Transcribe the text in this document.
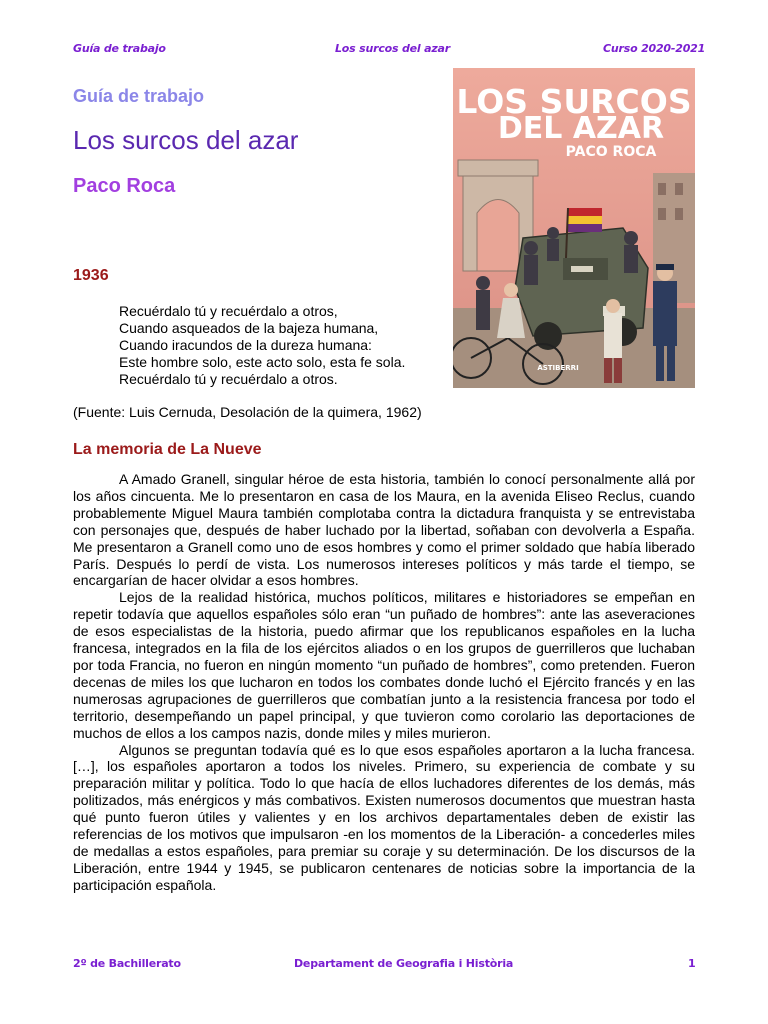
Guía de trabajo	Los surcos del azar	Curso 2020-2021
Guía de trabajo
Los surcos del azar
Paco Roca
LOS SURCOS
DEL AZAR
PACO ROCA
ASTIBERRI
1936
Recuérdalo tú y recuérdalo a otros,
Cuando asqueados de la bajeza humana,
Cuando iracundos de la dureza humana:
Este hombre solo, este acto solo, esta fe sola.
Recuérdalo tú y recuérdalo a otros.
(Fuente: Luis Cernuda, Desolación de la quimera, 1962)
La memoria de La Nueve

A Amado Granell, singular héroe de esta historia, también lo conocí personalmente allá por los años cincuenta. Me lo presentaron en casa de los Maura, en la avenida Eliseo Reclus, cuando probablemente Miguel Maura también complotaba contra la dictadura franquista y se entrevistaba con personajes que, después de haber luchado por la libertad, soñaban con devolverla a España. Me presentaron a Granell como uno de esos hombres y como el primer soldado que había liberado París. Después lo perdí de vista. Los numerosos intereses políticos y más tarde el tiempo, se encargarían de hacer olvidar a esos hombres.

Lejos de la realidad histórica, muchos políticos, militares e historiadores se empeñan en repetir todavía que aquellos españoles sólo eran “un puñado de hombres”: ante las aseveraciones de esos especialistas de la historia, puedo afirmar que los republicanos españoles en la lucha francesa, integrados en la fila de los ejércitos aliados o en los grupos de guerrilleros que luchaban por toda Francia, no fueron en ningún momento “un puñado de hombres”, como pretenden. Fueron decenas de miles los que lucharon en todos los combates donde luchó el Ejército francés y en las numerosas agrupaciones de guerrilleros que combatían junto a la resistencia francesa por todo el territorio, desempeñando un papel principal, y que tuvieron como corolario las deportaciones de muchos de ellos a los campos nazis, donde miles y miles murieron.

Algunos se preguntan todavía qué es lo que esos españoles aportaron a la lucha francesa. […], los españoles aportaron a todos los niveles. Primero, su experiencia de combate y su preparación militar y política. Todo lo que hacía de ellos luchadores diferentes de los demás, más politizados, más enérgicos y más combativos. Existen numerosos documentos que muestran hasta qué punto fueron útiles y valientes y en los archivos departamentales deben de existir las referencias de los motivos que impulsaron -en los momentos de la Liberación- a concederles miles de medallas a estos españoles, para premiar su coraje y su determinación. De los discursos de la Liberación, entre 1944 y 1945, se publicaron centenares de noticias sobre la importancia de la participación española.

2º de Bachillerato	Departament de Geografia i Història	1
